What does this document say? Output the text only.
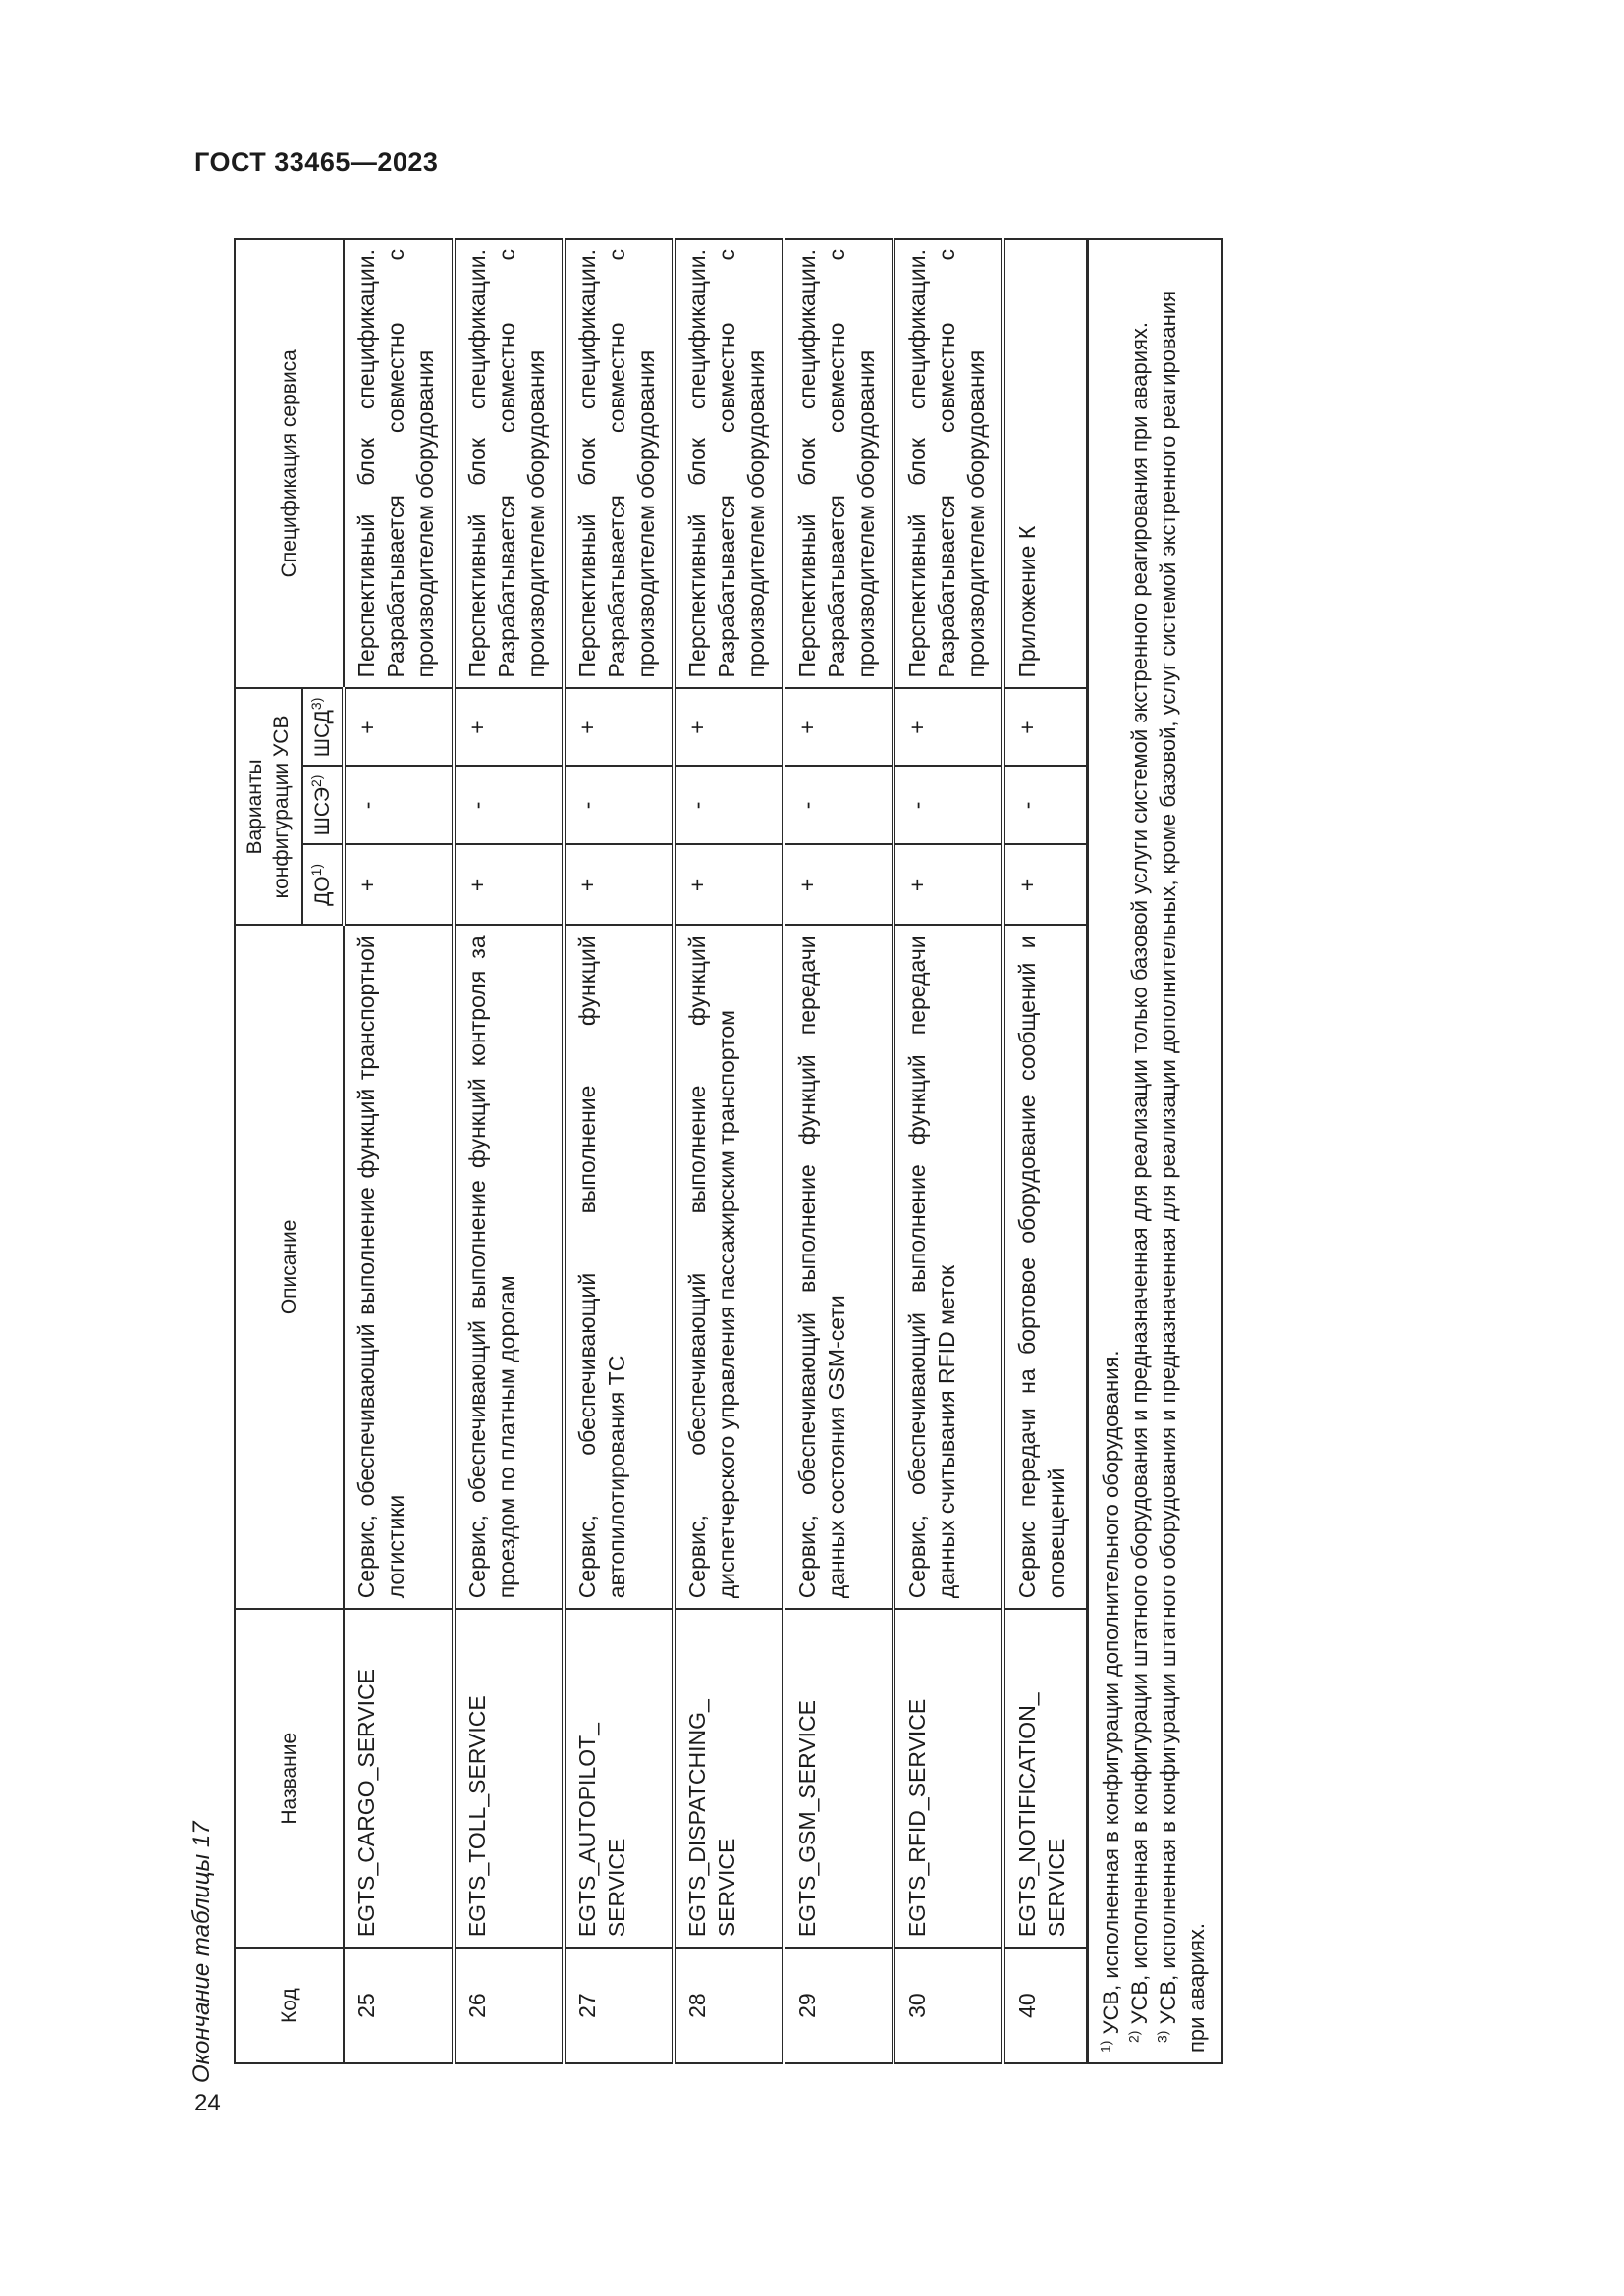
ГОСТ 33465—2023
Окончание таблицы 17	Код	Название	Описание	Варианты конфигурации УСВ			Спецификация сервиса
			ДО$^{1)}$	ШСЭ$^{2)}$	ШСД$^{3)}$
25	EGTS_CARGO_SERVICE	Сервис, обеспечивающий выполнение функций транспортной логистики	+	-	+	Перспективный блок спецификации. Разрабатывается совместно с производителем оборудования
26	EGTS_TOLL_SERVICE	Сервис, обеспечивающий выполнение функций контроля за проездом по платным дорогам	+	-	+	Перспективный блок спецификации. Разрабатывается совместно с производителем оборудования
27	EGTS_AUTOPILOT_ SERVICE	Сервис, обеспечивающий выполнение функций автопилотирования ТС	+	-	+	Перспективный блок спецификации. Разрабатывается совместно с производителем оборудования
28	EGTS_DISPATCHING_ SERVICE	Сервис, обеспечивающий выполнение функций диспетчерского управления пассажирским транспортом	+	-	+	Перспективный блок спецификации. Разрабатывается совместно с производителем оборудования
29	EGTS_GSM_SERVICE	Сервис, обеспечивающий выполнение функций передачи данных состояния GSM-сети	+	-	+	Перспективный блок спецификации. Разрабатывается совместно с производителем оборудования
30	EGTS_RFID_SERVICE	Сервис, обеспечивающий выполнение функций передачи данных считывания RFID меток	+	-	+	Перспективный блок спецификации. Разрабатывается совместно с производителем оборудования
40	EGTS_NOTIFICATION_ SERVICE	Сервис передачи на бортовое оборудование сообщений и оповещений	+	-	+	Приложение К

$^{1)}$ УСВ, исполненная в конфигурации дополнительного оборудования.

$^{2)}$ УСВ, исполненная в конфигурации штатного оборудования и предназначенная для реализации только базовой услуги системой экстренного реагирования при авариях.

$^{3)}$ УСВ, исполненная в конфигурации штатного оборудования и предназначенная для реализации дополнительных, кроме базовой, услуг системой экстренного реагирования при авариях.						

24
